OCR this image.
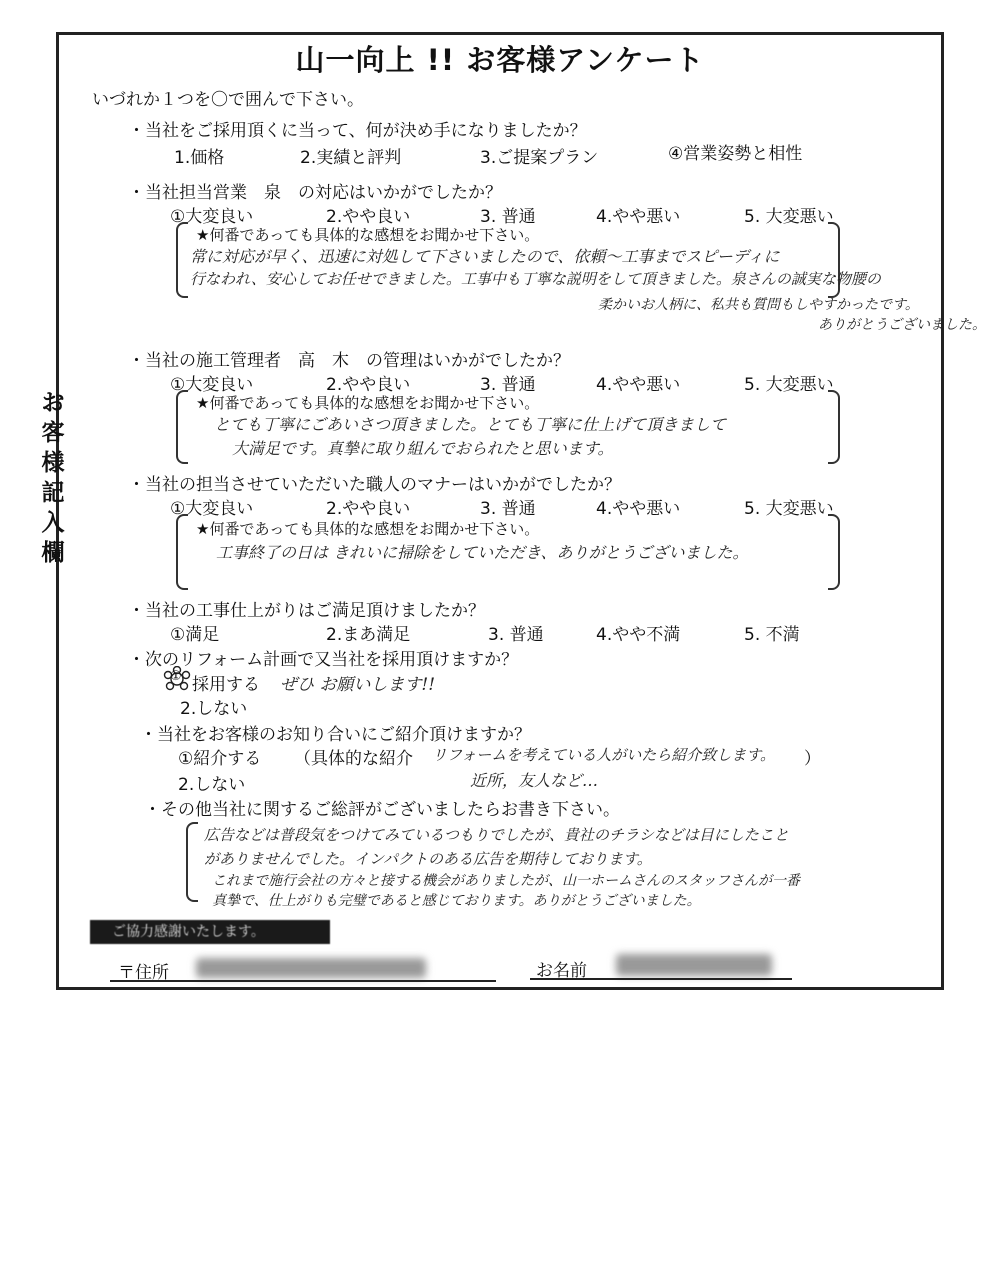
お
客
様
記
入
欄
山一向上 !! お客様アンケート
いづれか１つを〇で囲んで下さい。
・当社をご採用頂くに当って、何が決め手になりましたか？
1.価格	2.実績と評判	3.ご提案プラン	④営業姿勢と相性
・当社担当営業　泉　の対応はいかがでしたか？
①大変良い	2.やや良い	3. 普通	4.やや悪い	5. 大変悪い
★何番であっても具体的な感想をお聞かせ下さい。
常に対応が早く、迅速に対処して下さいましたので、依頼～工事までスピーディに
行なわれ、安心してお任せできました。工事中も丁寧な説明をして頂きました。泉さんの誠実な物腰の
柔かいお人柄に、私共も質問もしやすかったです。
ありがとうございました。
・当社の施工管理者　高　木　の管理はいかがでしたか？
①大変良い	2.やや良い	3. 普通	4.やや悪い	5. 大変悪い
★何番であっても具体的な感想をお聞かせ下さい。
とても丁寧にごあいさつ頂きました。とても丁寧に仕上げて頂きまして
大満足です。真摯に取り組んでおられたと思います。
・当社の担当させていただいた職人のマナーはいかがでしたか？
①大変良い	2.やや良い	3. 普通	4.やや悪い	5. 大変悪い
★何番であっても具体的な感想をお聞かせ下さい。
工事終了の日は きれいに掃除をしていただき、ありがとうございました。
・当社の工事仕上がりはご満足頂けましたか？
①満足	2.まあ満足	3. 普通	4.やや不満	5. 不満
・次のリフォーム計画で又当社を採用頂けますか？
① 採用する ぜひ お願いします!!
2.しない
・当社をお客様のお知り合いにご紹介頂けますか？
①紹介する （具体的な紹介 リフォームを考えている人がいたら紹介致します。 ）
2.しない	近所，友人など…
・その他当社に関するご総評がございましたらお書き下さい。
広告などは普段気をつけてみているつもりでしたが、貴社のチラシなどは目にしたこと
がありませんでした。インパクトのある広告を期待しております。
これまで施行会社の方々と接する機会がありましたが、山一ホームさんのスタッフさんが一番
真摯で、仕上がりも完璧であると感じております。ありがとうございました。
ご協力感謝いたします。
〒住所	お名前
